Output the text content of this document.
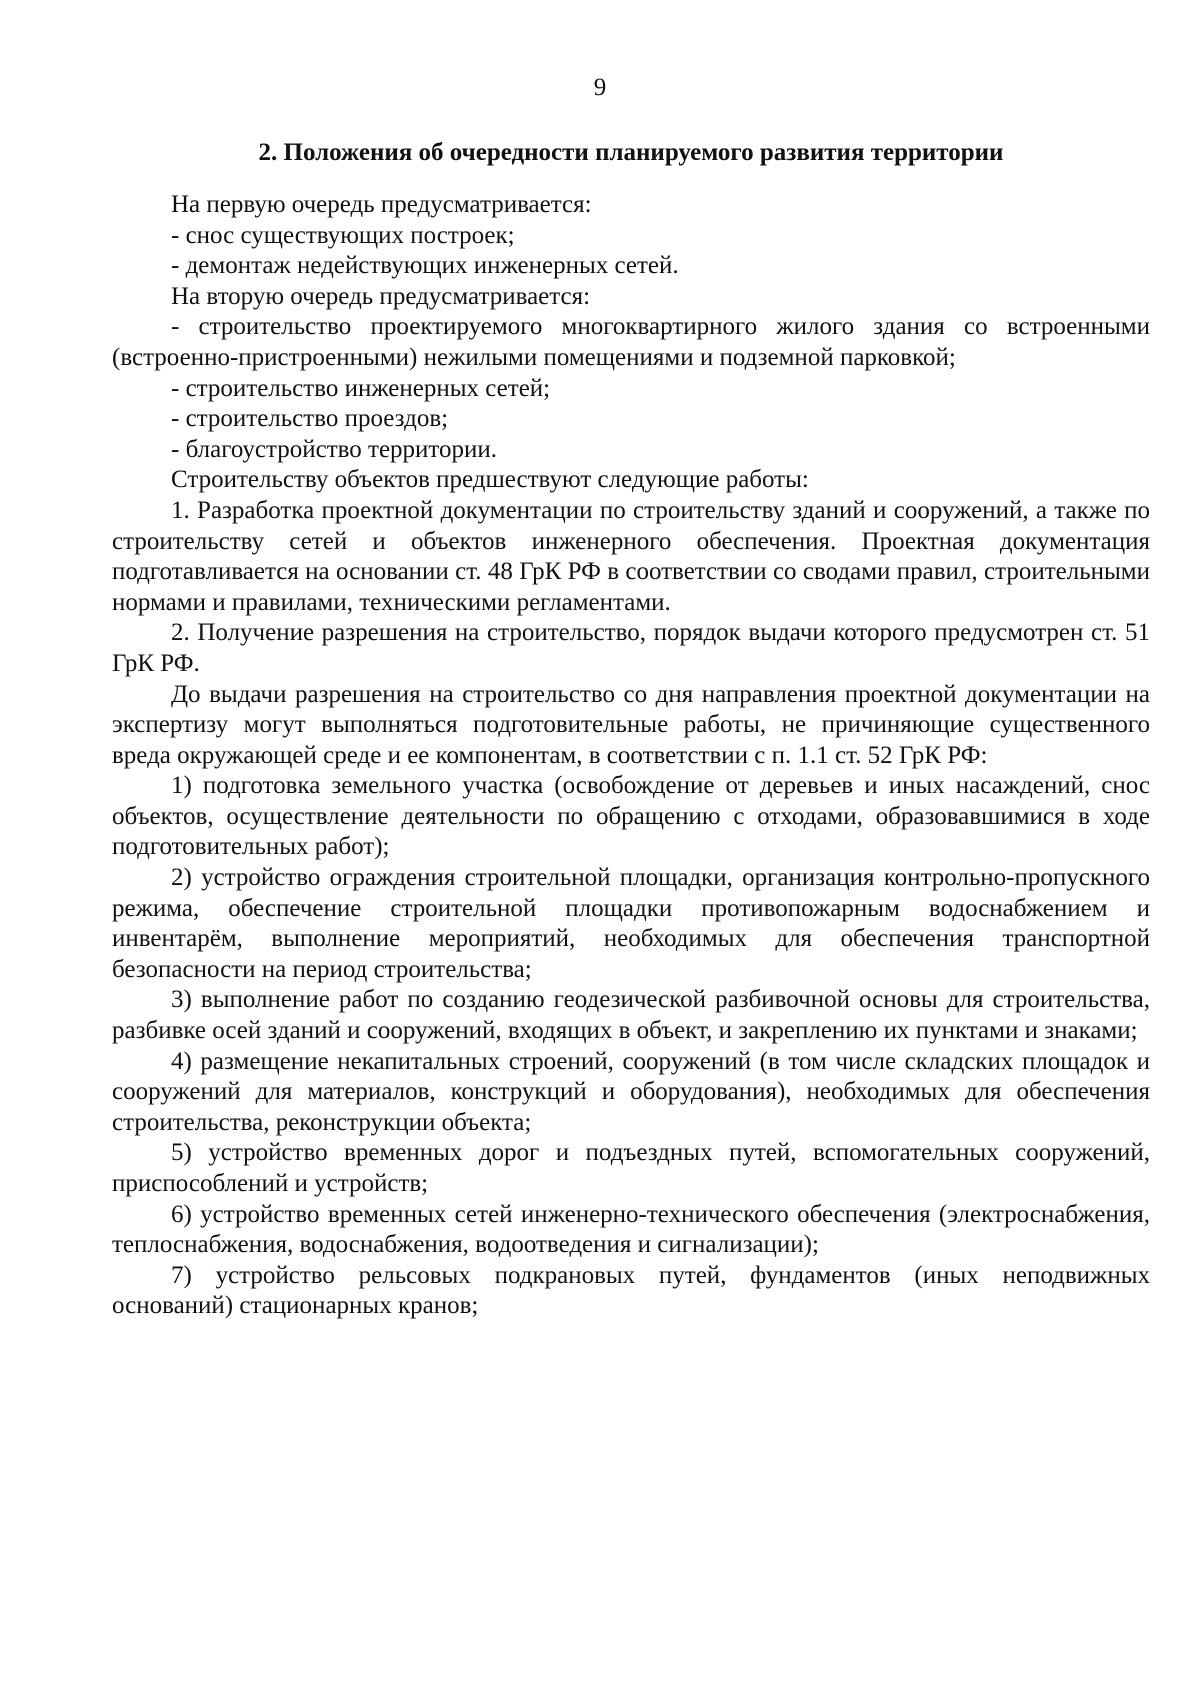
9
2. Положения об очередности планируемого развития территории

На первую очередь предусматривается:

- снос существующих построек;

- демонтаж недействующих инженерных сетей.

На вторую очередь предусматривается:

- строительство проектируемого многоквартирного жилого здания со встроенными (встроенно-пристроенными) нежилыми помещениями и подземной парковкой;

- строительство инженерных сетей;

- строительство проездов;

- благоустройство территории.

Строительству объектов предшествуют следующие работы:

1. Разработка проектной документации по строительству зданий и сооружений, а также по строительству сетей и объектов инженерного обеспечения. Проектная документация подготавливается на основании ст. 48 ГрК РФ в соответствии со сводами правил, строительными нормами и правилами, техническими регламентами.

2. Получение разрешения на строительство, порядок выдачи которого предусмотрен ст. 51 ГрК РФ.

До выдачи разрешения на строительство со дня направления проектной документации на экспертизу могут выполняться подготовительные работы, не причиняющие существенного вреда окружающей среде и ее компонентам, в соответствии с п. 1.1 ст. 52 ГрК РФ:

1) подготовка земельного участка (освобождение от деревьев и иных насаждений, снос объектов, осуществление деятельности по обращению с отходами, образовавшимися в ходе подготовительных работ);

2) устройство ограждения строительной площадки, организация контрольно-пропускного режима, обеспечение строительной площадки противопожарным водоснабжением и инвентарём, выполнение мероприятий, необходимых для обеспечения транспортной безопасности на период строительства;

3) выполнение работ по созданию геодезической разбивочной основы для строительства, разбивке осей зданий и сооружений, входящих в объект, и закреплению их пунктами и знаками;

4) размещение некапитальных строений, сооружений (в том числе складских площадок и сооружений для материалов, конструкций и оборудования), необходимых для обеспечения строительства, реконструкции объекта;

5) устройство временных дорог и подъездных путей, вспомогательных сооружений, приспособлений и устройств;

6) устройство временных сетей инженерно-технического обеспечения (электроснабжения, теплоснабжения, водоснабжения, водоотведения и сигнализации);

7) устройство рельсовых подкрановых путей, фундаментов (иных неподвижных оснований) стационарных кранов;
